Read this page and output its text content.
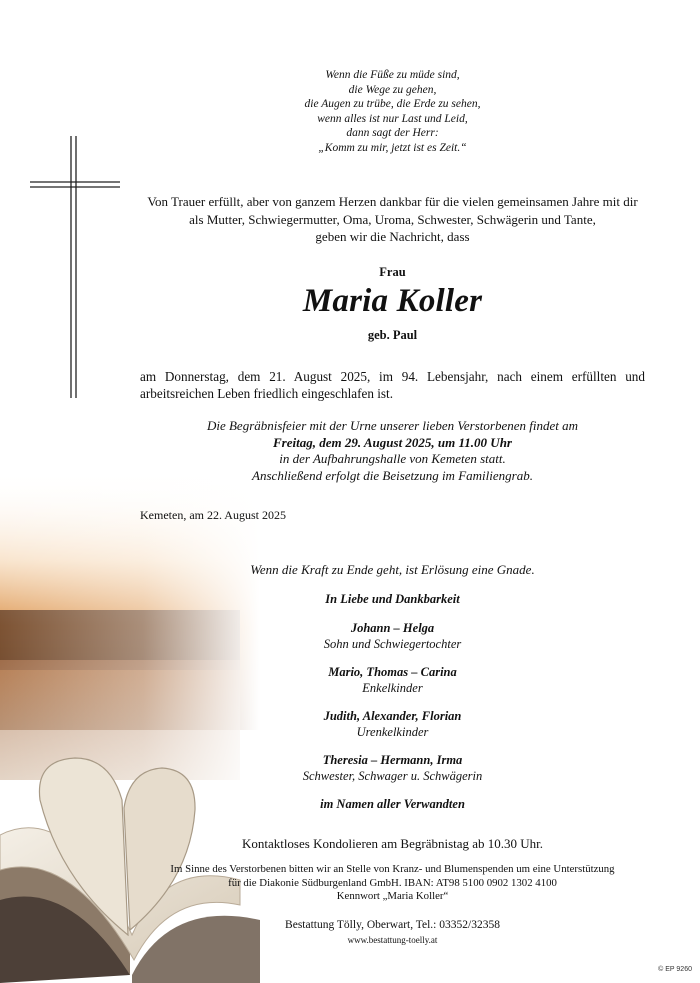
Wenn die Füße zu müde sind,
die Wege zu gehen,
die Augen zu trübe, die Erde zu sehen,
wenn alles ist nur Last und Leid,
dann sagt der Herr:
„Komm zu mir, jetzt ist es Zeit.“
Von Trauer erfüllt, aber von ganzem Herzen dankbar für die vielen gemeinsamen Jahre mit dir
als Mutter, Schwiegermutter, Oma, Uroma, Schwester, Schwägerin und Tante,
geben wir die Nachricht, dass
Frau
Maria Koller
geb. Paul
am Donnerstag, dem 21. August 2025, im 94. Lebensjahr, nach einem erfüllten und arbeitsreichen Leben friedlich eingeschlafen ist.
Die Begräbnisfeier mit der Urne unserer lieben Verstorbenen findet am
Freitag, dem 29. August 2025, um 11.00 Uhr
in der Aufbahrungshalle von Kemeten statt.
Anschließend erfolgt die Beisetzung im Familiengrab.
Kemeten, am 22. August 2025
Wenn die Kraft zu Ende geht, ist Erlösung eine Gnade.
In Liebe und Dankbarkeit
Johann – Helga
Sohn und Schwiegertochter
Mario, Thomas – Carina
Enkelkinder
Judith, Alexander, Florian
Urenkelkinder
Theresia – Hermann, Irma
Schwester, Schwager u. Schwägerin
im Namen aller Verwandten
Kontaktloses Kondolieren am Begräbnistag ab 10.30 Uhr.
Im Sinne des Verstorbenen bitten wir an Stelle von Kranz- und Blumenspenden um eine Unterstützung
für die Diakonie Südburgenland GmbH. IBAN: AT98 5100 0902 1302 4100
Kennwort „Maria Koller“
Bestattung Tölly, Oberwart, Tel.: 03352/32358
www.bestattung-toelly.at
© EP 9260
